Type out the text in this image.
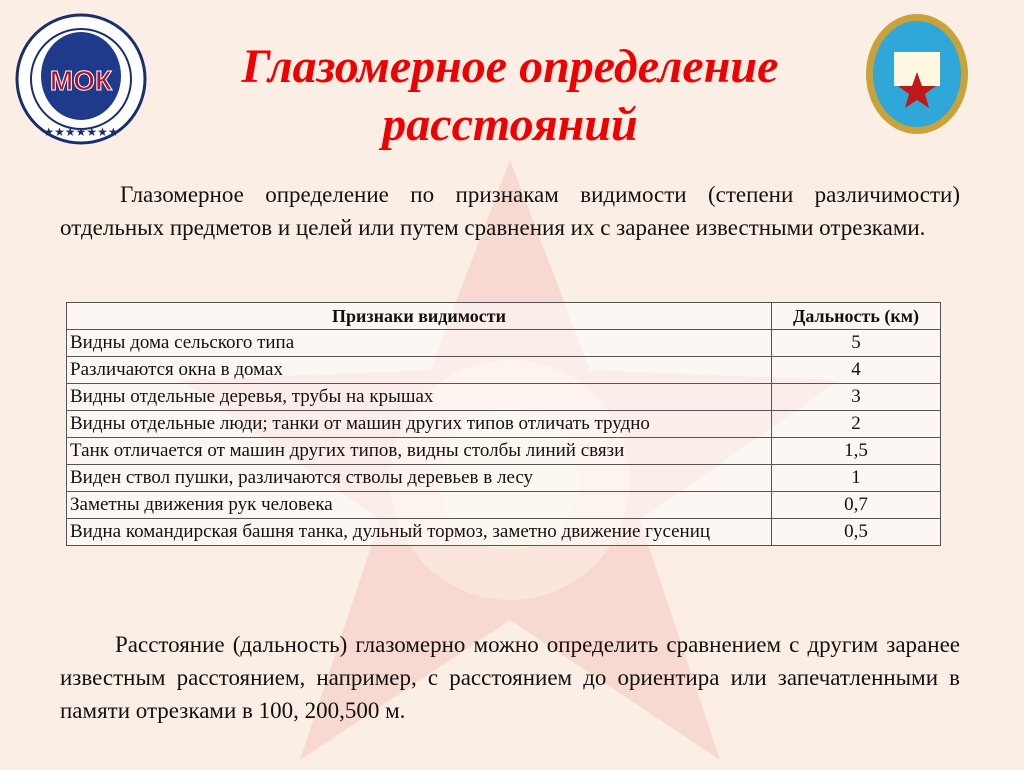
МОК
★★★★★★★
Глазомерное определение расстояний
Глазомерное определение по признакам видимости (степени различимости) отдельных предметов и целей или путем сравнения их с заранее известными отрезками.
Признаки видимости	Дальность (км)
Видны дома сельского типа	5
Различаются окна в домах	4
Видны отдельные деревья, трубы на крышах	3
Видны отдельные люди; танки от машин других типов отличать трудно	2
Танк отличается от машин других типов, видны столбы линий связи	1,5
Виден ствол пушки, различаются стволы деревьев в лесу	1
Заметны движения рук человека	0,7
Видна командирская башня танка, дульный тормоз, заметно движение гусениц	0,5
Расстояние (дальность) глазомерно можно определить сравнением с другим заранее известным расстоянием, например, с расстоянием до ориентира или запечатленными в памяти отрезками в 100, 200,500 м.
